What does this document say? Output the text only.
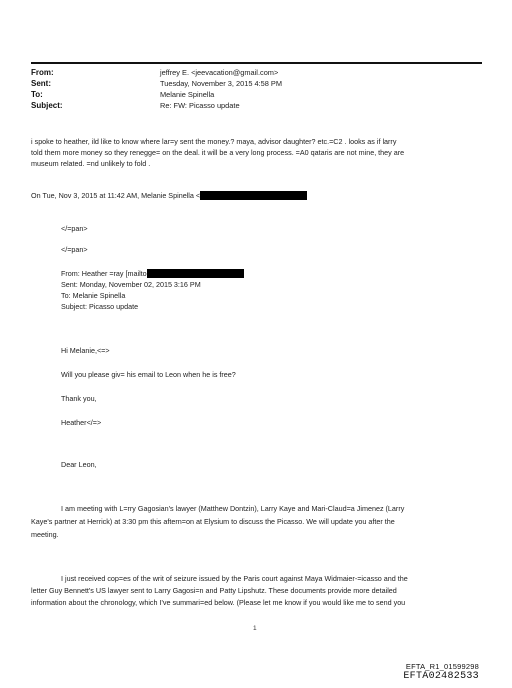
From:	jeffrey E. <jeevacation@gmail.com>
Sent:	Tuesday, November 3, 2015 4:58 PM
To:	Melanie Spinella
Subject:	Re: FW: Picasso update
i spoke to heather, ild like to know where lar=y sent the money.? maya, advisor daughter? etc.=C2 . looks as if larry
told them more money so they renegge= on the deal. it will be a very long process. =A0 qataris are not mine, they are
museum related. =nd unlikely to fold .
On Tue, Nov 3, 2015 at 11:42 AM, Melanie Spinella <
</=pan>
</=pan>
From: Heather =ray [mailto
Sent: Monday, November 02, 2015 3:16 PM
To: Melanie Spinella
Subject: Picasso update
Hi Melanie,<=>
Will you please giv= his email to Leon when he is free?
Thank you,
Heather</=>
Dear Leon,
I am meeting with L=rry Gagosian's lawyer (Matthew Dontzin), Larry Kaye and Mari-Claud=a Jimenez (Larry
Kaye's partner at Herrick) at 3:30 pm this aftern=on at Elysium to discuss the Picasso. We will update you after the
meeting.
I just received cop=es of the writ of seizure issued by the Paris court against Maya Widmaier-=icasso and the
letter Guy Bennett's US lawyer sent to Larry Gagosi=n and Patty Lipshutz. These documents provide more detailed
information about the chronology, which I've summari=ed below. (Please let me know if you would like me to send you
1
EFTA_R1_01599298
EFTA02482533
